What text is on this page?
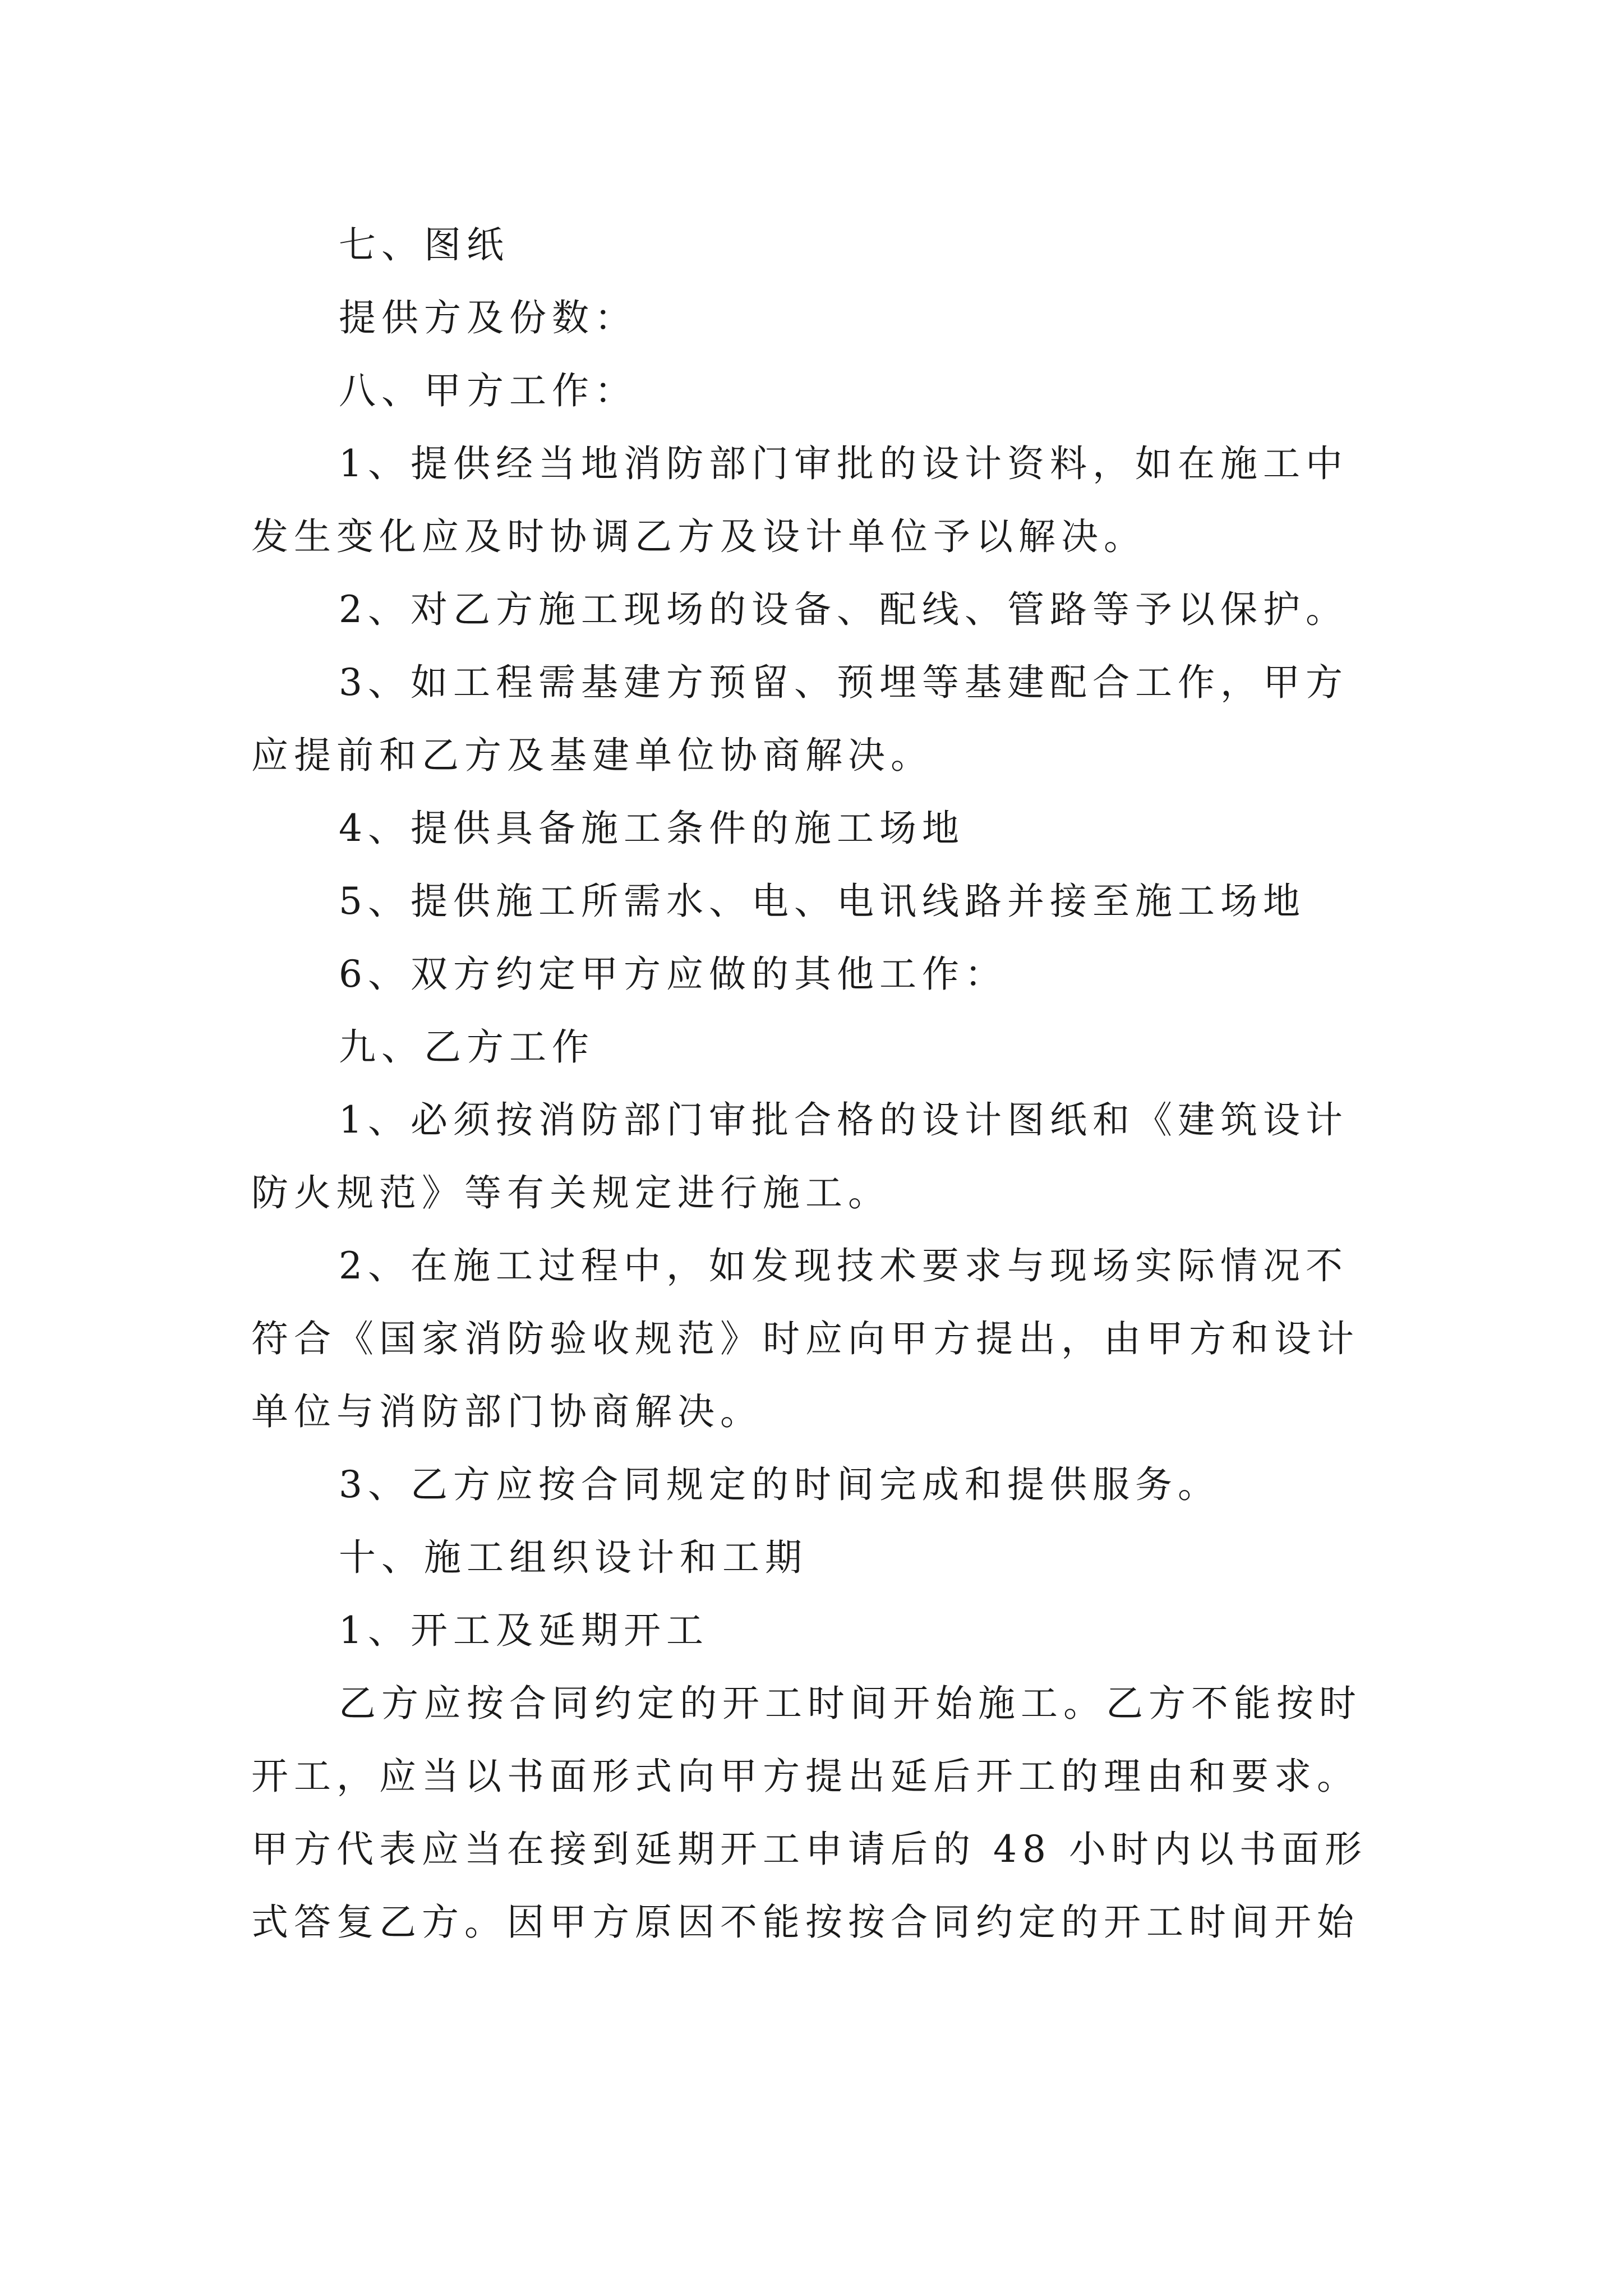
七、图纸
提供方及份数：
八、甲方工作：
1、提供经当地消防部门审批的设计资料，如在施工中
发生变化应及时协调乙方及设计单位予以解决。
2、对乙方施工现场的设备、配线、管路等予以保护。
3、如工程需基建方预留、预埋等基建配合工作，甲方
应提前和乙方及基建单位协商解决。
4、提供具备施工条件的施工场地
5、提供施工所需水、电、电讯线路并接至施工场地
6、双方约定甲方应做的其他工作：
九、乙方工作
1、必须按消防部门审批合格的设计图纸和《建筑设计
防火规范》等有关规定进行施工。
2、在施工过程中，如发现技术要求与现场实际情况不
符合《国家消防验收规范》时应向甲方提出，由甲方和设计
单位与消防部门协商解决。
3、乙方应按合同规定的时间完成和提供服务。
十、施工组织设计和工期
1、开工及延期开工
乙方应按合同约定的开工时间开始施工。乙方不能按时
开工，应当以书面形式向甲方提出延后开工的理由和要求。
甲方代表应当在接到延期开工申请后的 48 小时内以书面形
式答复乙方。因甲方原因不能按按合同约定的开工时间开始
